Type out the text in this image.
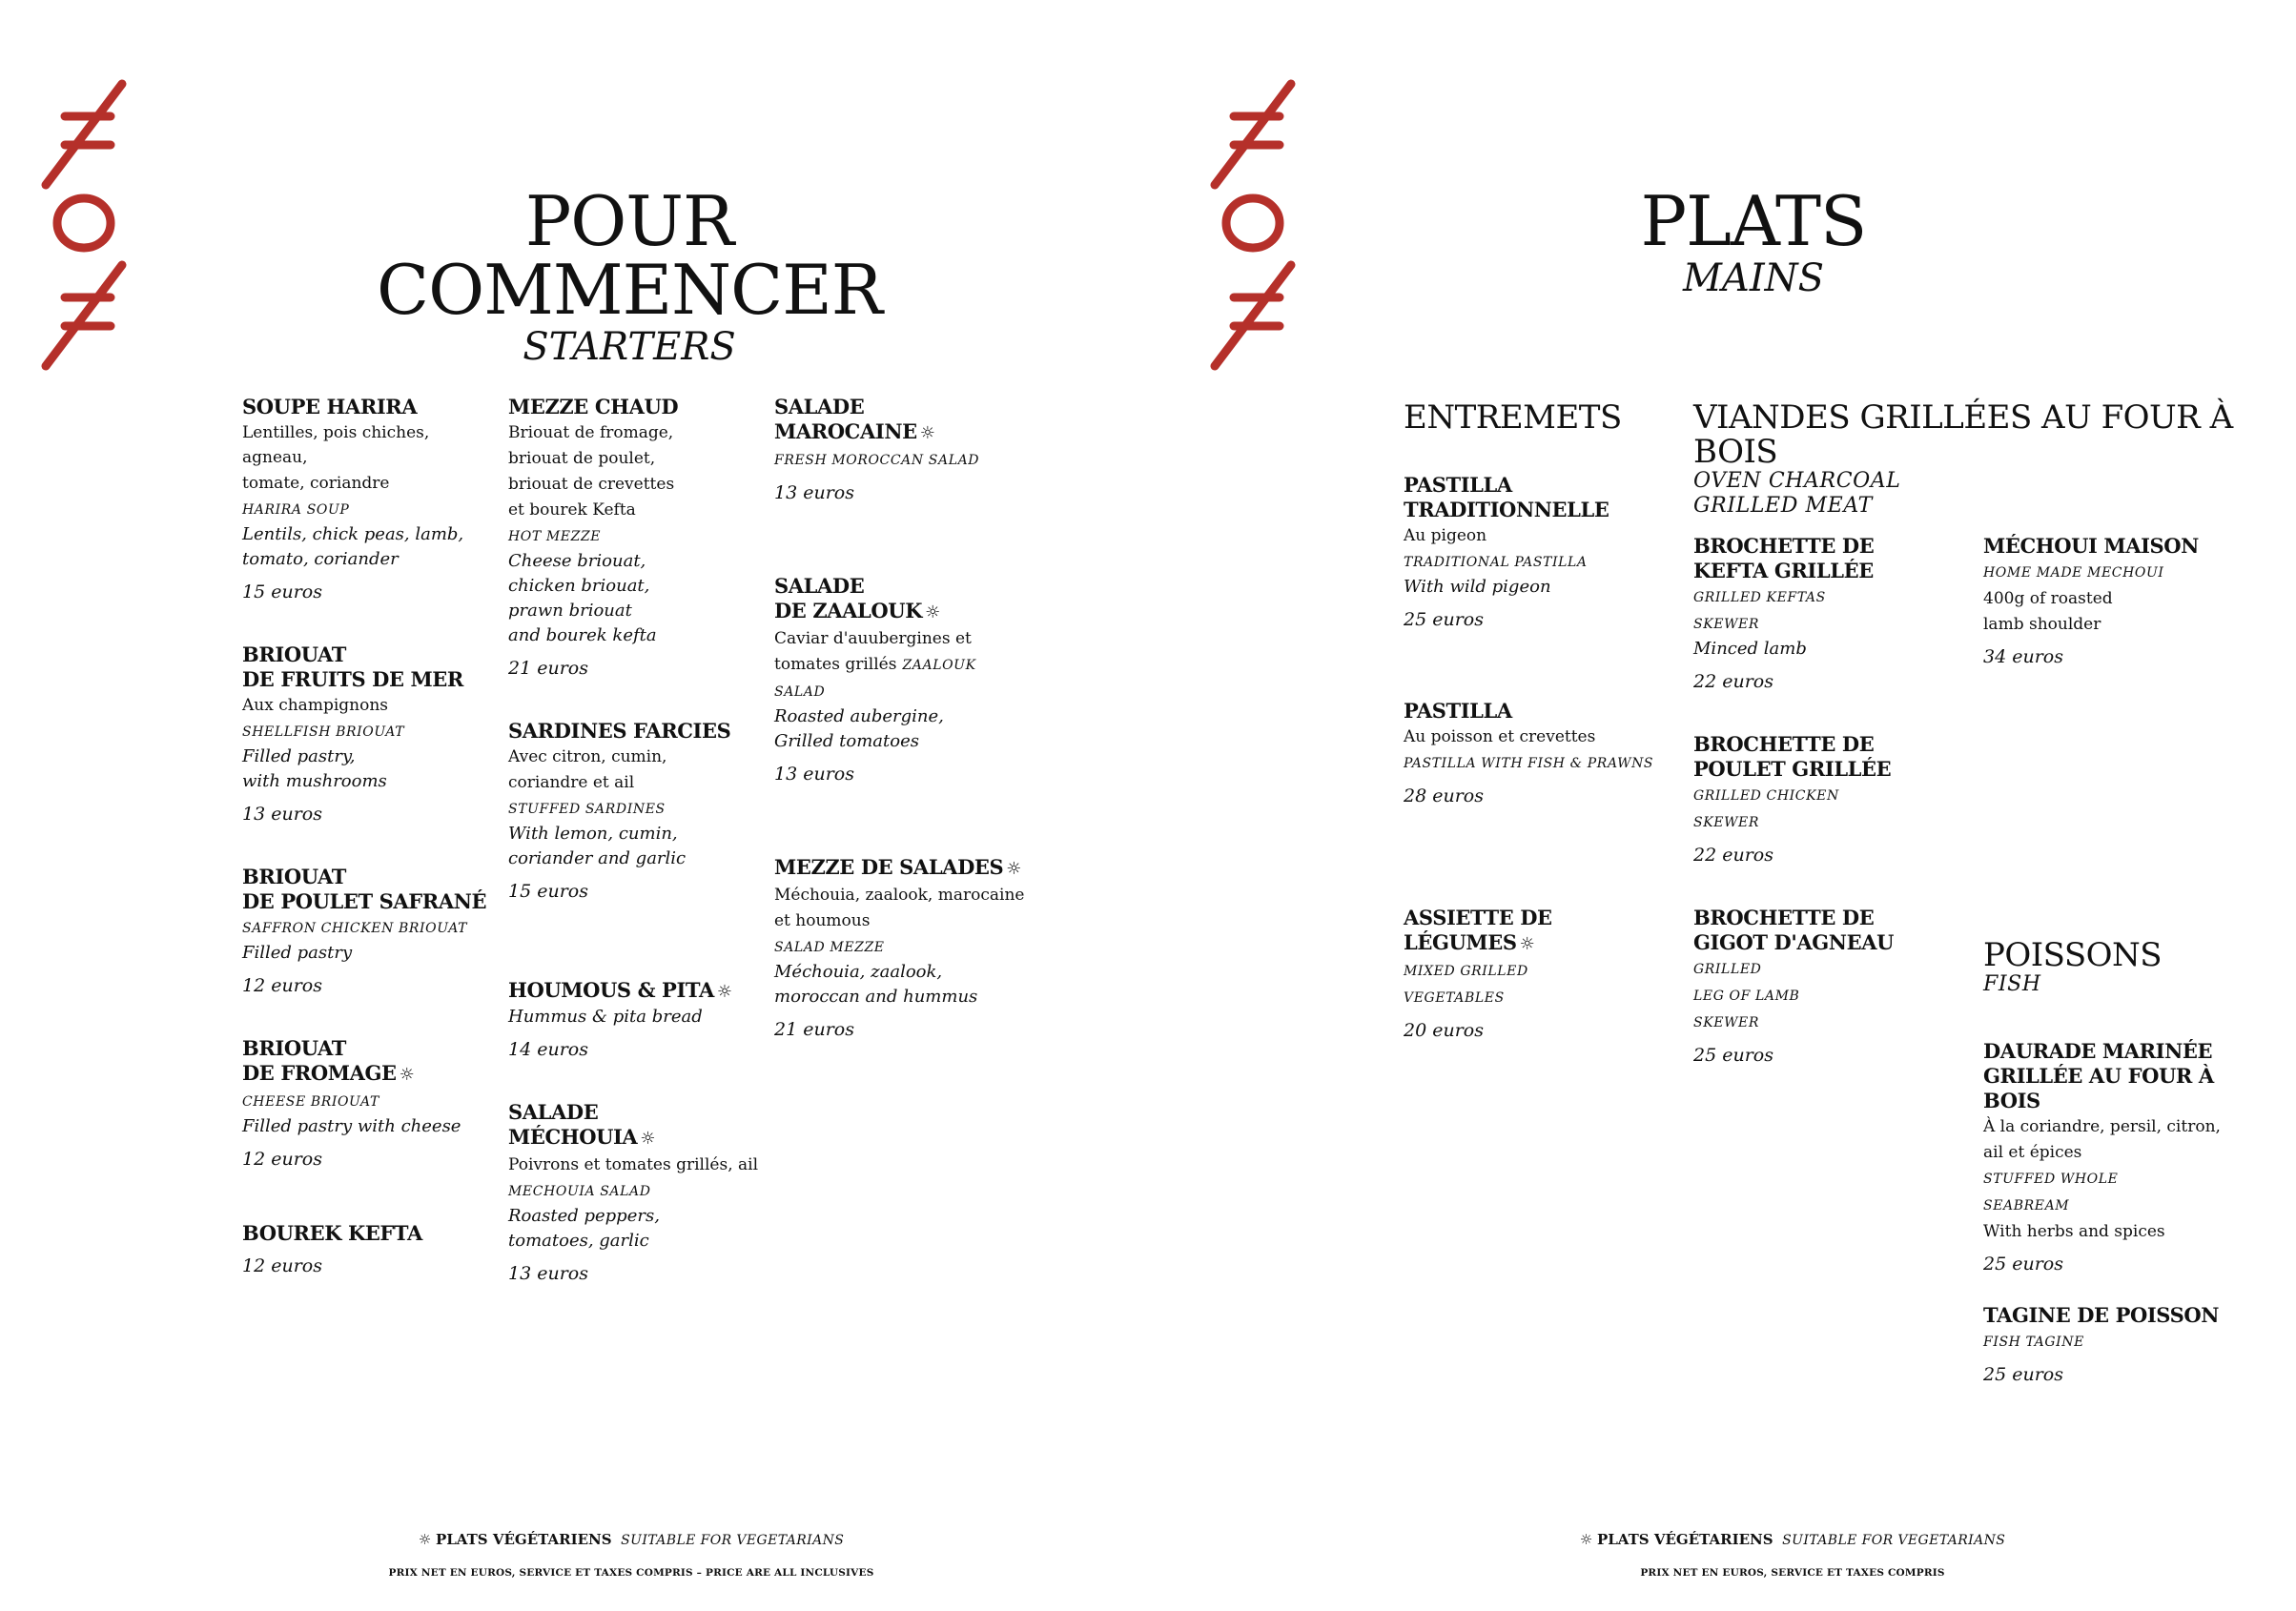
POUR COMMENCER
STARTERS
SOUPE HARIRA
Lentilles, pois chiches, agneau,
tomate, coriandre
HARIRA SOUP
Lentils, chick peas, lamb,
tomato, coriander
15 euros
BRIOUAT
DE FRUITS DE MER
Aux champignons
SHELLFISH BRIOUAT
Filled pastry,
with mushrooms
13 euros
BRIOUAT
DE POULET SAFRANÉ
SAFFRON CHICKEN BRIOUAT
Filled pastry
12 euros
BRIOUAT
DE FROMAGE ☼
CHEESE BRIOUAT
Filled pastry with cheese
12 euros
BOUREK KEFTA
12 euros
MEZZE CHAUD
Briouat de fromage,
briouat de poulet,
briouat de crevettes
et bourek Kefta
HOT MEZZE
Cheese briouat,
chicken briouat,
prawn briouat
and bourek kefta
21 euros
SARDINES FARCIES
Avec citron, cumin,
coriandre et ail
STUFFED SARDINES
With lemon, cumin,
coriander and garlic
15 euros
HOUMOUS & PITA ☼
Hummus & pita bread
14 euros
SALADE
MÉCHOUIA ☼
Poivrons et tomates grillés, ail
MECHOUIA SALAD
Roasted peppers,
tomatoes, garlic
13 euros
SALADE
MAROCAINE ☼
FRESH MOROCCAN SALAD
13 euros
SALADE
DE ZAALOUK ☼
Caviar d'auubergines et
tomates grillés ZAALOUK
SALAD
Roasted aubergine,
Grilled tomatoes
13 euros
MEZZE DE SALADES ☼
Méchouia, zaalook, marocaine
et houmous
SALAD MEZZE
Méchouia, zaalook,
moroccan and hummus
21 euros
☼ PLATS VÉGÉTARIENS SUITABLE FOR VEGETARIANS
PRIX NET EN EUROS, SERVICE ET TAXES COMPRIS – PRICE ARE ALL INCLUSIVES
PLATS
MAINS
ENTREMETS
PASTILLA
TRADITIONNELLE
Au pigeon
TRADITIONAL PASTILLA
With wild pigeon
25 euros
PASTILLA
Au poisson et crevettes
PASTILLA WITH FISH & PRAWNS
28 euros
ASSIETTE DE
LÉGUMES ☼
MIXED GRILLED
VEGETABLES
20 euros
VIANDES GRILLÉES AU FOUR À BOIS
OVEN CHARCOAL
GRILLED MEAT
BROCHETTE DE
KEFTA GRILLÉE
GRILLED KEFTAS
SKEWER
Minced lamb
22 euros
BROCHETTE DE
POULET GRILLÉE
GRILLED CHICKEN
SKEWER
22 euros
BROCHETTE DE
GIGOT D'AGNEAU
GRILLED
LEG OF LAMB
SKEWER
25 euros
MÉCHOUI MAISON
HOME MADE MECHOUI
400g of roasted
lamb shoulder
34 euros
POISSONS
FISH
DAURADE MARINÉE
GRILLÉE AU FOUR À BOIS
À la coriandre, persil, citron,
ail et épices
STUFFED WHOLE
SEABREAM
With herbs and spices
25 euros
TAGINE DE POISSON
FISH TAGINE
25 euros
☼ PLATS VÉGÉTARIENS SUITABLE FOR VEGETARIANS
PRIX NET EN EUROS, SERVICE ET TAXES COMPRIS
